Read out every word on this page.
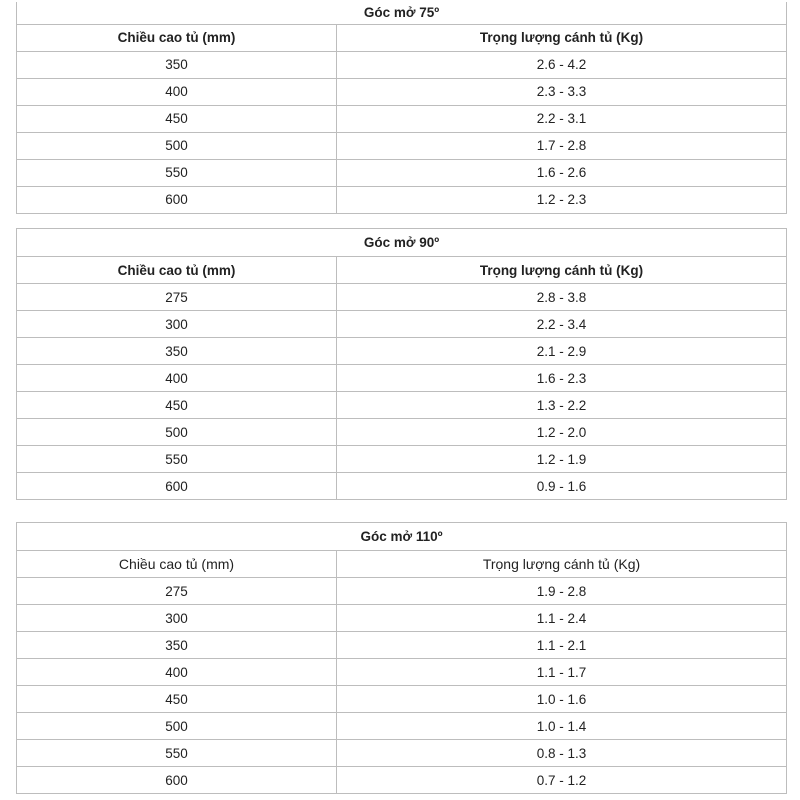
Góc mở 75º	
Chiều cao tủ (mm)	Trọng lượng cánh tủ (Kg)
350	2.6 - 4.2
400	2.3 - 3.3
450	2.2 - 3.1
500	1.7 - 2.8
550	1.6 - 2.6
600	1.2 - 2.3
Góc mở 90º	
Chiều cao tủ (mm)	Trọng lượng cánh tủ (Kg)
275	2.8 - 3.8
300	2.2 - 3.4
350	2.1 - 2.9
400	1.6 - 2.3
450	1.3 - 2.2
500	1.2 - 2.0
550	1.2 - 1.9
600	0.9 - 1.6
Góc mở 110º	
Chiều cao tủ (mm)	Trọng lượng cánh tủ (Kg)
275	1.9 - 2.8
300	1.1 - 2.4
350	1.1 - 2.1
400	1.1 - 1.7
450	1.0 - 1.6
500	1.0 - 1.4
550	0.8 - 1.3
600	0.7 - 1.2
